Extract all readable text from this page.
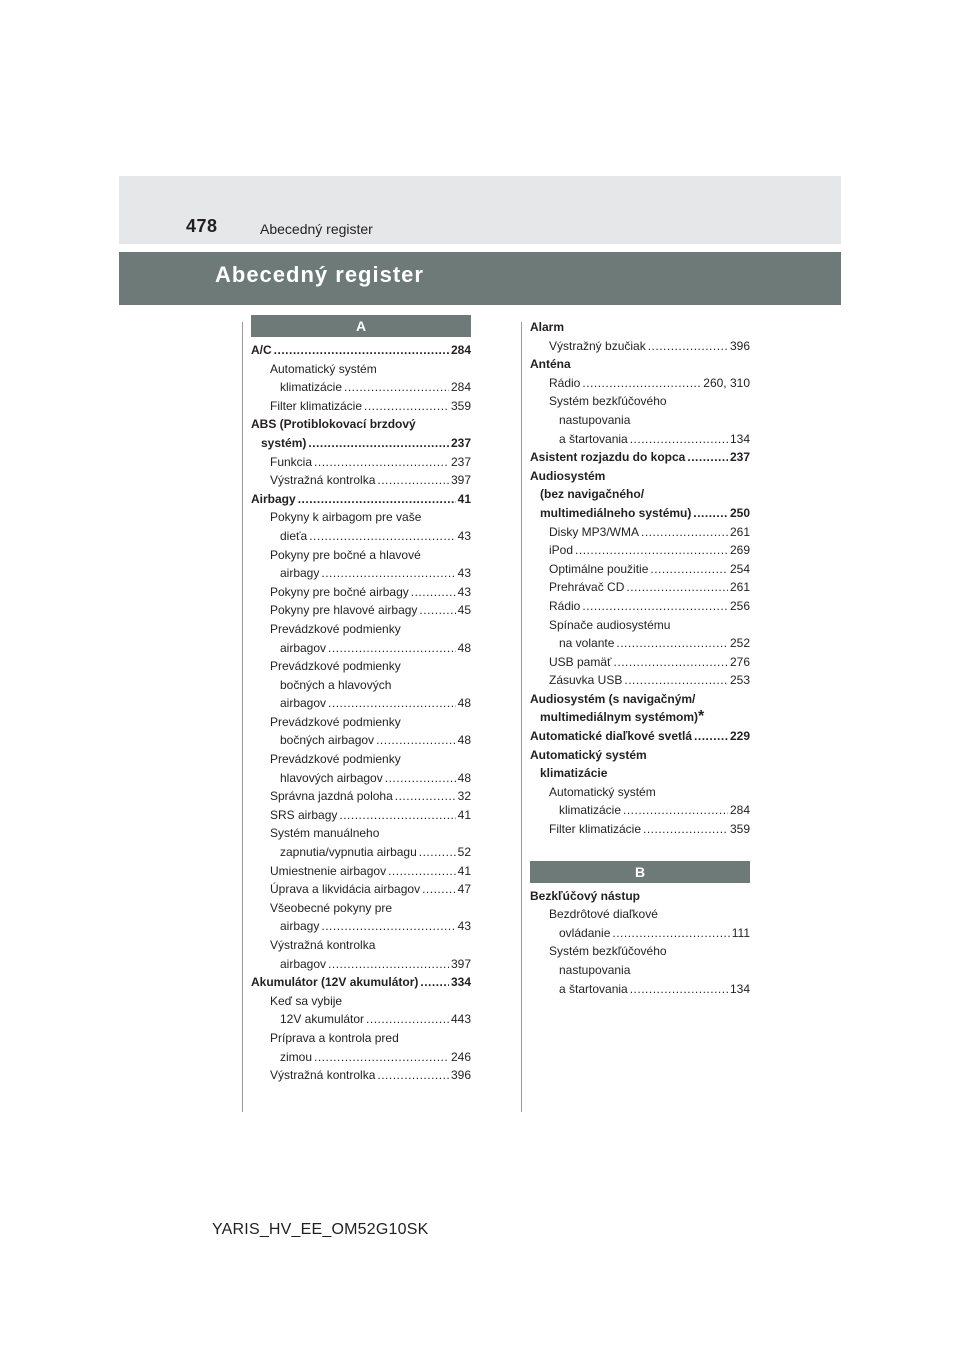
478	Abecedný register
Abecedný register
A
A/C .....	284
Automatický systém
klimatizácie .....	284
Filter klimatizácie .....	359
ABS (Protiblokovací brzdový
systém) .....	237
Funkcia .....	237
Výstražná kontrolka .....	397
Airbagy .....	41
Pokyny k airbagom pre vaše
dieťa .....	43
Pokyny pre bočné a hlavové
airbagy .....	43
Pokyny pre bočné airbagy .....	43
Pokyny pre hlavové airbagy .....	45
Prevádzkové podmienky
airbagov .....	48
Prevádzkové podmienky
bočných a hlavových
airbagov .....	48
Prevádzkové podmienky
bočných airbagov .....	48
Prevádzkové podmienky
hlavových airbagov .....	48
Správna jazdná poloha .....	32
SRS airbagy .....	41
Systém manuálneho
zapnutia/vypnutia airbagu .....	52
Umiestnenie airbagov .....	41
Úprava a likvidácia airbagov .....	47
Všeobecné pokyny pre
airbagy .....	43
Výstražná kontrolka
airbagov .....	397
Akumulátor (12V akumulátor) .....	334
Keď sa vybije
12V akumulátor .....	443
Príprava a kontrola pred
zimou .....	246
Výstražná kontrolka .....	396
Alarm
Výstražný bzučiak .....	396
Anténa
Rádio .....	260, 310
Systém bezkľúčového
nastupovania
a štartovania .....	134
Asistent rozjazdu do kopca .....	237
Audiosystém
(bez navigačného/
multimediálneho systému) .....	250
Disky MP3/WMA .....	261
iPod .....	269
Optimálne použitie .....	254
Prehrávač CD .....	261
Rádio .....	256
Spínače audiosystému
na volante .....	252
USB pamäť .....	276
Zásuvka USB .....	253
Audiosystém (s navigačným/
multimediálnym systémom) *
Automatické diaľkové svetlá .....	229
Automatický systém
klimatizácie
Automatický systém
klimatizácie .....	284
Filter klimatizácie .....	359
B
Bezkľúčový nástup
Bezdrôtové diaľkové
ovládanie .....	111
Systém bezkľúčového
nastupovania
a štartovania .....	134
YARIS_HV_EE_OM52G10SK
